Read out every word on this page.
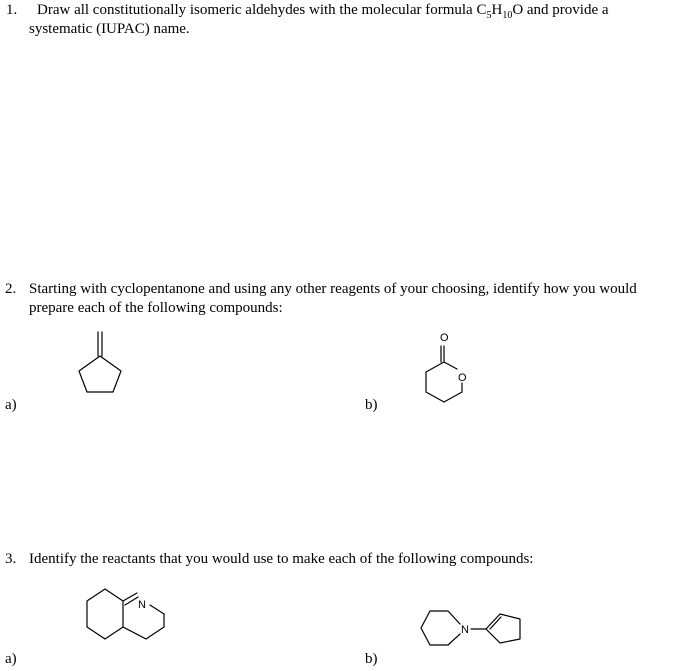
1. Draw all constitutionally isomeric aldehydes with the molecular formula $C_5H_{10}O$ and provide a
systematic (IUPAC) name.
2. Starting with cyclopentanone and using any other reagents of your choosing, identify how you would
prepare each of the following compounds:
a)	b)
3. Identify the reactants that you would use to make each of the following compounds:
a)	b)
O
O
N
N
